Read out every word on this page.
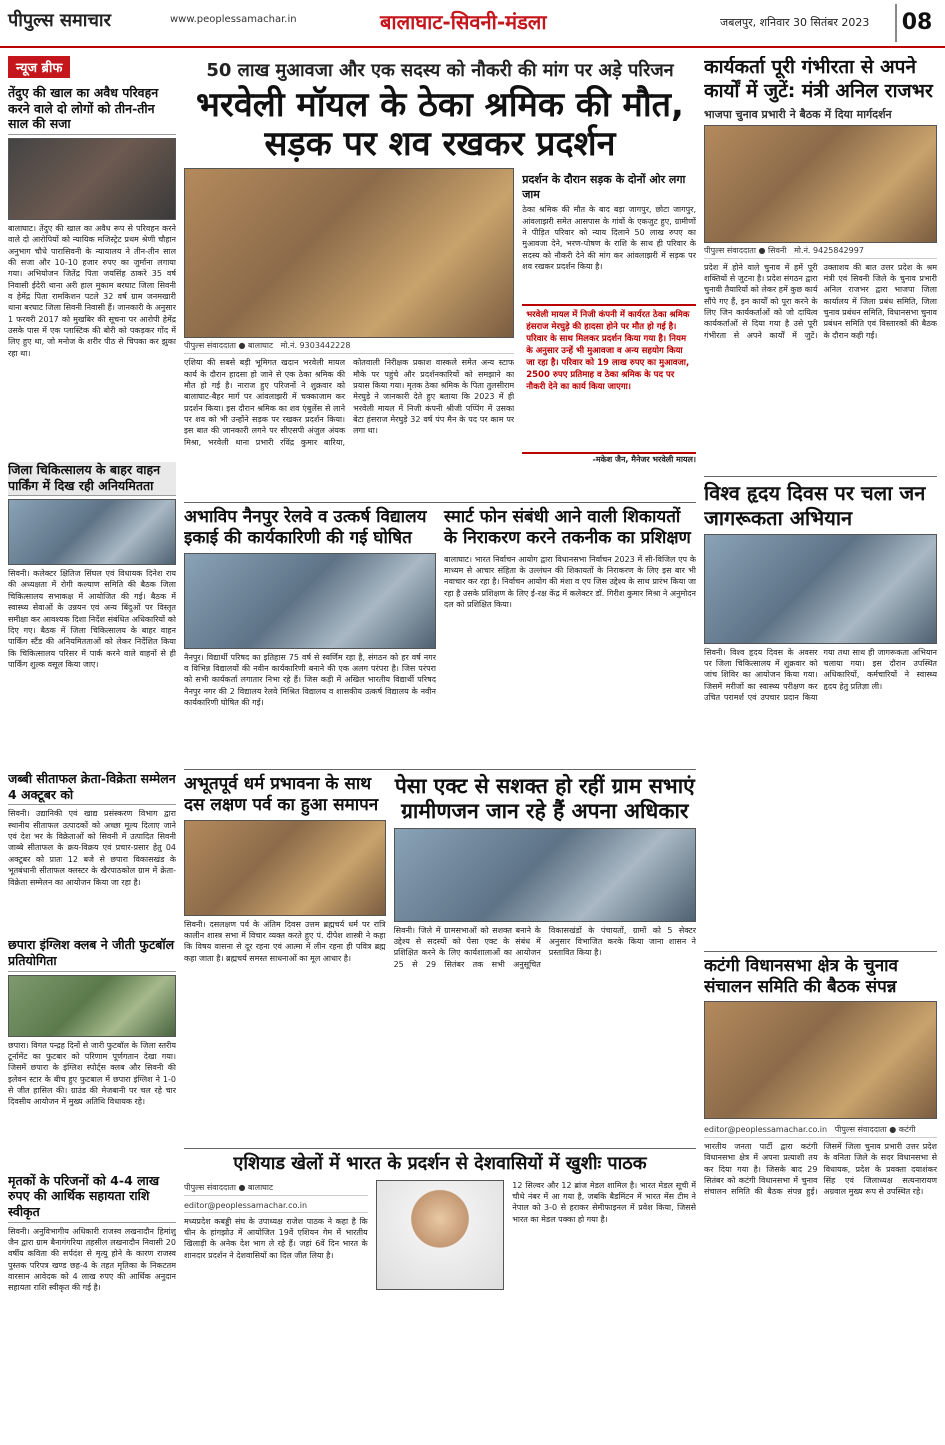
पीपुल्स समाचार	www.peoplessamachar.in	बालाघाट-सिवनी-मंडला	जबलपुर, शनिवार 30 सितंबर 2023	08
न्यूज ब्रीफ
तेंदुए की खाल का अवैध परिवहन करने वाले दो लोगों को तीन-तीन साल की सजा
बालाघाट। तेंदुए की खाल का अवैध रूप से परिवहन करने वाले दो आरोपियों को न्यायिक मजिस्ट्रेट प्रथम श्रेणी चौहान अनुभाग चौधे पारासिवनी के न्यायालय ने तीन-तीन साल की सजा और 10-10 हजार रुपए का जुर्माना लगाया गया। अभियोजन जितेंद्र पिता जयसिंह ठाकरे 35 वर्ष निवासी ईदेरी थाना अरी हाल मुकाम बरघाट जिला सिवनी व हेमेंद्र पिता रामकिशन पटले 32 वर्ष ग्राम जनमखारी थाना बरघाट जिला सिवनी निवासी हैं। जानकारी के अनुसार 1 फरवरी 2017 को मुखबिर की सूचना पर आरोपी हेमेंद्र उसके पास में एक प्लास्टिक की बोरी को पकड़कर गोंद में लिए हुए था, जो मनोज के शरीर पीठ से चिपका कर झुका रहा था।
जिला चिकित्सालय के बाहर वाहन पार्किंग में दिख रही अनियमितता
सिवनी। कलेक्टर क्षितिज सिंघल एवं विधायक दिनेश राय की अध्यक्षता में रोगी कल्याण समिति की बैठक जिला चिकित्सालय सभाकक्ष में आयोजित की गई। बैठक में स्वास्थ्य सेवाओं के उन्नयन एवं अन्य बिंदुओं पर विस्तृत समीक्षा कर आवश्यक दिशा निर्देश संबंधित अधिकारियों को दिए गए। बैठक में जिला चिकित्सालय के बाहर वाहन पार्किंग स्टैंड की अनियमितताओं को लेकर निर्देशित किया कि चिकित्सालय परिसर में पार्क करने वाले वाहनों से ही पार्किंग शुल्क वसूल किया जाए।
जब्बी सीताफल क्रेता-विक्रेता सम्मेलन 4 अक्टूबर को
सिवनी। उद्यानिकी एवं खाद्य प्रसंस्करण विभाग द्वारा स्थानीय सीताफल उत्पादकों को अच्छा मूल्य दिलाए जाने एवं देश भर के विक्रेताओं को सिवनी में उत्पादित सिवनी जाब्बे सीताफल के क्रय-विक्रय एवं प्रचार-प्रसार हेतु 04 अक्टूबर को प्रातः 12 बजे से छपारा विकासखंड के भूतबंधानी सीताफल क्लस्टर के खैरपाठकोल ग्राम में क्रेता-विक्रेता सम्मेलन का आयोजन किया जा रहा है।
छपारा इंग्लिश क्लब ने जीती फुटबॉल प्रतियोगिता
छपारा। विगत पन्द्रह दिनों से जारी फुटबॉल के जिला स्तरीय टूर्नामेंट का फुटबार को परिणाम पूर्णगतान देखा गया। जिसमें छपारा के इंग्लिश स्पोर्ट्स क्लब और सिवनी की इलेवन स्टार के बीच हुए फुटबाल में छपारा इंग्लिश ने 1-0 से जीत हासिल की। ग्राउंड की मेजबानी पर चल रहे चार दिवसीय आयोजन में मुख्य अतिथि विधायक रहे।
मृतकों के परिजनों को 4-4 लाख रुपए की आर्थिक सहायता राशि स्वीकृत
सिवनी। अनुविभागीय अधिकारी राजस्व लखनादौन हिमांशु जैन द्वारा ग्राम बैनागंगरिया तहसील लखनादौन निवासी 20 वर्षीय कविता की सर्पदंश से मृत्यु होने के कारण राजस्व पुस्तक परिपत्र खण्ड छह-4 के तहत मृतिका के निकटतम वारसान आवेदक को 4 लाख रुपए की आर्थिक अनुदान सहायता राशि स्वीकृत की गई है।
50 लाख मुआवजा और एक सदस्य को नौकरी की मांग पर अड़े परिजन
भरवेली मॉयल के ठेका श्रमिक की मौत, सड़क पर शव रखकर प्रदर्शन
पीपुल्स संवाददाता ● बालाघाट मो.नं. 9303442228
एशिया की सबसे बड़ी भूमिगत खदान भरवेली मायल कार्य के दौरान हादसा हो जाने से एक ठेका श्रमिक की मौत हो गई है। नाराज हुए परिजनों ने शुक्रवार को बालाघाट-बैहर मार्ग पर आंवलाझरी में चक्काजाम कर प्रदर्शन किया। इस दौरान श्रमिक का शव एंबुलेंस से लाने पर शव को भी उन्होंने सड़क पर रखकर प्रदर्शन किया। इस बात की जानकारी लगने पर सीएसपी अंजुल अंयक मिश्रा, भरवेली थाना प्रभारी रविंद्र कुमार बारिया, कोतवाली निरीक्षक प्रकाश वास्कले समेत अन्य स्टाफ मौके पर पहुंचे और प्रदर्शनकारियों को समझाने का प्रयास किया गया। मृतक ठेका श्रमिक के पिता तुलसीराम मेरघुड़े ने जानकारी देते हुए बताया कि 2023 में ही भरवेली मायल में निजी कंपनी श्रीजी पप्पिंग में उसका बेटा हंसराज मेरघुड़े 32 वर्ष पंप मैन के पद पर काम पर लगा था।
प्रदर्शन के दौरान सड़क के दोनों ओर लगा जाम
ठेका श्रमिक की मौत के बाद बड़ा जागपुर, छोटा जागपुर, आंवलाझरी समेत आसपास के गांवों के एकजुट हुए, ग्रामीणों ने पीड़ित परिवार को न्याय दिलाने 50 लाख रुपए का मुआवजा देने, भरण-पोषण के राशि के साथ ही परिवार के सदस्य को नौकरी देने की मांग कर आंवलाझरी में सड़क पर शव रखकर प्रदर्शन किया है।
भरवेली मायल में निजी कंपनी में कार्यरत ठेका श्रमिक हंसराज मेरघुड़े की हादसा होने पर मौत हो गई है। परिवार के साथ मिलकर प्रदर्शन किया गया है। नियम के अनुसार उन्हें भी मुआवजा व अन्य सहयोग किया जा रहा है। परिवार को 19 लाख रुपए का मुआवजा, 2500 रुपए प्रतिमाह व ठेका श्रमिक के पद पर नौकरी देने का कार्य किया जाएगा।
-मकेश जैन, मैनेजर भरवेली मायल।
अभाविप नैनपुर रेलवे व उत्कर्ष विद्यालय इकाई की कार्यकारिणी की गई घोषित
नैनपुर। विद्यार्थी परिषद का इतिहास 75 वर्ष से स्वर्णिम रहा है, संगठन को हर वर्ष नगर व विभिन्न विद्यालयों की नवीन कार्यकारिणी बनाने की एक अलग परंपरा है। जिस परंपरा को सभी कार्यकर्ता लगातार निभा रहे हैं। जिस कड़ी में अखिल भारतीय विद्यार्थी परिषद नैनपुर नगर की 2 विद्यालय रेलवे मिश्रित विद्यालय व शासकीय उत्कर्ष विद्यालय के नवीन कार्यकारिणी घोषित की गई।
स्मार्ट फोन संबंधी आने वाली शिकायतों के निराकरण करने तकनीक का प्रशिक्षण
बालाघाट। भारत निर्वाचन आयोग द्वारा विधानसभा निर्वाचन 2023 में सी-विजिल एप के माध्यम से आचार संहिता के उल्लंघन की शिकायतों के निराकरण के लिए इस बार भी नवाचार कर रहा है। निर्वाचन आयोग की मंशा व एप जिस उद्देश्य के साथ प्रारंभ किया जा रहा है उसके प्रशिक्षण के लिए ई-रक्ष केंद्र में कलेक्टर डॉ. गिरीश कुमार मिश्रा ने अनुमोदन दल को प्रशिक्षित किया।
अभूतपूर्व धर्म प्रभावना के साथ दस लक्षण पर्व का हुआ समापन
सिवनी। दसलक्षण पर्व के अंतिम दिवस उत्तम ब्रह्मचर्य धर्म पर रात्रि कालीन शास्त्र सभा में विचार व्यक्त करते हुए पं. दीपेश शास्त्री ने कहा कि विषय वासना से दूर रहना एवं आत्मा में लीन रहना ही पवित्र ब्रह्म कहा जाता है। ब्रह्मचर्य समस्त साधनाओं का मूल आधार है।
पेसा एक्ट से सशक्त हो रहीं ग्राम सभाएं ग्रामीणजन जान रहे हैं अपना अधिकार
सिवनी। जिले में ग्रामसभाओं को सशक्त बनाने के उद्देश्य से सदस्यों को पेसा एक्ट के संबंध में प्रशिक्षित करने के लिए कार्यशालाओं का आयोजन 25 से 29 सितंबर तक सभी अनुसूचित विकासखंडों के पंचायतों, ग्रामों को 5 सेक्टर अनुसार विभाजित करके किया जाना शासन ने प्रस्तावित किया है।
एशियाड खेलों में भारत के प्रदर्शन से देशवासियों में खुशीः पाठक
पीपुल्स संवाददाता ● बालाघाट
editor@peoplessamachar.co.in
मध्यप्रदेश कबड्डी संघ के उपाध्यक्ष राजेश पाठक ने कहा है कि चीन के हांगझोउ में आयोजित 19वें एशियन गेम में भारतीय खिलाड़ी के अनेक देश भाग ले रहे हैं। जहां 6वें दिन भारत के शानदार प्रदर्शन ने देशवासियों का दिल जीत लिया है।
12 सिल्वर और 12 ब्रांज मेडल शामिल है। भारत मेडल सूची में चौथे नंबर में आ गया है, जबकि बैडमिंटन में भारत मेंस टीम ने नेपाल को 3-0 से हराकर सेमीफाइनल में प्रवेश किया, जिससे भारत का मेडल पक्का हो गया है।
कार्यकर्ता पूरी गंभीरता से अपने कार्यों में जुटें: मंत्री अनिल राजभर
भाजपा चुनाव प्रभारी ने बैठक में दिया मार्गदर्शन
पीपुल्स संवाददाता ● सिवनी मो.नं. 9425842997
प्रदेश में होने वाले चुनाव में हमें पूरी शक्तियों से जुटना है। प्रदेश संगठन द्वारा चुनावी तैयारियों को लेकर हमें कुछ कार्य सौंपे गए हैं, इन कार्यों को पूरा करने के लिए जिन कार्यकर्ताओं को जो दायित्व कार्यकर्ताओं से दिया गया है उसे पूरी गंभीरता से अपने कार्यों में जुटें। उक्ताशय की बात उत्तर प्रदेश के श्रम मंत्री एवं सिवनी जिले के चुनाव प्रभारी अनिल राजभर द्वारा भाजपा जिला कार्यालय में जिला प्रबंध समिति, जिला चुनाव प्रबंधन समिति, विधानसभा चुनाव प्रबंधन समिति एवं विस्तारकों की बैठक के दौरान कही गईं।
विश्व हृदय दिवस पर चला जन जागरूकता अभियान
सिवनी। विश्व हृदय दिवस के अवसर पर जिला चिकित्सालय में शुक्रवार को जांच शिविर का आयोजन किया गया। जिसमें मरीजों का स्वास्थ्य परीक्षण कर उचित परामर्श एवं उपचार प्रदान किया गया तथा साथ ही जागरूकता अभियान चलाया गया। इस दौरान उपस्थित अधिकारियों, कर्मचारियों ने स्वास्थ्य हृदय हेतु प्रतिज्ञा ली।
कटंगी विधानसभा क्षेत्र के चुनाव संचालन समिति की बैठक संपन्न
editor@peoplessamachar.co.in पीपुल्स संवाददाता ● कटंगी
भारतीय जनता पार्टी द्वारा कटंगी विधानसभा क्षेत्र में अपना प्रत्याशी तय कर दिया गया है। जिसके बाद 29 सितंबर को कटंगी विधानसभा में चुनाव संचालन समिति की बैठक संपन्न हुई। जिसमें जिला चुनाव प्रभारी उत्तर प्रदेश के वनिता जिले के सदर विधानसभा से विधायक, प्रदेश के प्रवक्ता दयाशंकर सिंह एवं जिलाध्यक्ष सत्यनारायण अग्रवाल मुख्य रूप से उपस्थित रहे।
